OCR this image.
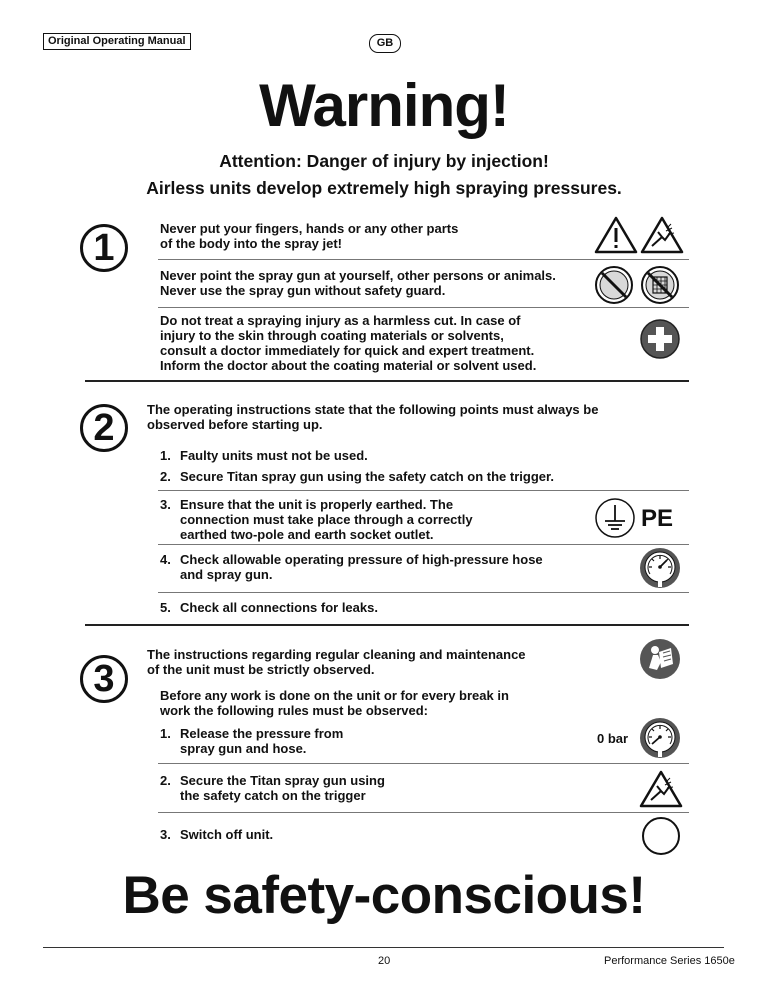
Original Operating Manual	GB
Warning!
Attention: Danger of injury by injection!
Airless units develop extremely high spraying pressures.
1	Never put your fingers, hands or any other parts
of the body into the spray jet!
Never point the spray gun at yourself, other persons or animals.
Never use the spray gun without safety guard.
Do not treat a spraying injury as a harmless cut. In case of
injury to the skin through coating materials or solvents,
consult a doctor immediately for quick and expert treatment.
Inform the doctor about the coating material or solvent used.
2	The operating instructions state that the following points must always be
observed before starting up.
1. Faulty units must not be used.
2. Secure Titan spray gun using the safety catch on the trigger.
3. Ensure that the unit is properly earthed. The
connection must take place through a correctly
earthed two-pole and earth socket outlet.
PE
4. Check allowable operating pressure of high-pressure hose
and spray gun.
5. Check all connections for leaks.
3
The instructions regarding regular cleaning and maintenance
of the unit must be strictly observed.
Before any work is done on the unit or for every break in
work the following rules must be observed:
1. Release the pressure from
spray gun and hose.
0 bar
2. Secure the Titan spray gun using
the safety catch on the trigger
3. Switch off unit.
Be safety-conscious!
20	Performance Series 1650e
